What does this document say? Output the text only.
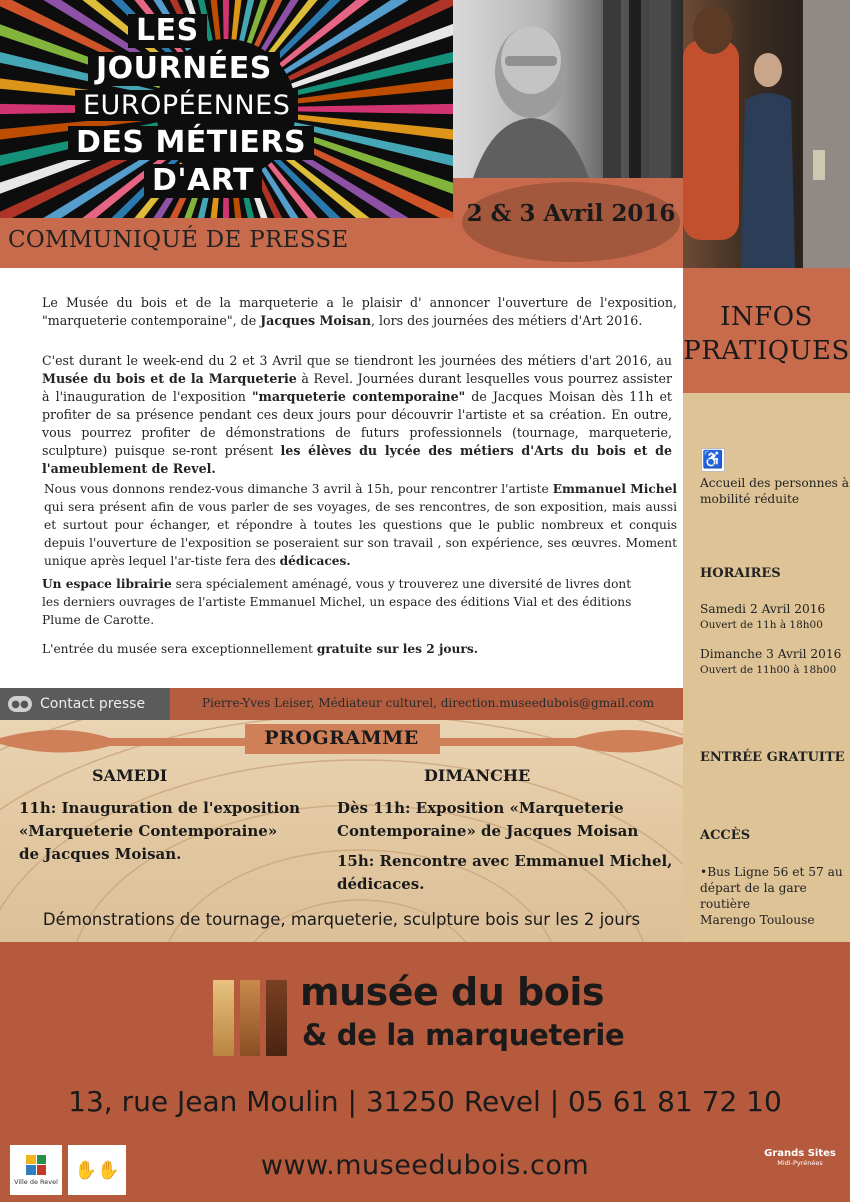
LES
JOURNÉES
EUROPÉENNES
DES MÉTIERS
D'ART
2 & 3 Avril 2016
COMMUNIQUÉ DE PRESSE
Le Musée du bois et de la marqueterie a le plaisir d' annoncer l'ouverture de l'exposition, "marqueterie contemporaine", de Jacques Moisan, lors des journées des métiers d'Art 2016.
C'est durant le week-end du 2 et 3 Avril que se tiendront les journées des métiers d'art 2016, au Musée du bois et de la Marqueterie à Revel. Journées durant lesquelles vous pourrez assister à l'inauguration de l'exposition "marqueterie contemporaine" de Jacques Moisan dès 11h et profiter de sa présence pendant ces deux jours pour découvrir l'artiste et sa création. En outre, vous pourrez profiter de démonstrations de futurs professionnels (tournage, marqueterie, sculpture) puisque se-ront présent les élèves du lycée des métiers d'Arts du bois et de l'ameublement de Revel.
Nous vous donnons rendez-vous dimanche 3 avril à 15h, pour rencontrer l'artiste Emmanuel Michel qui sera présent afin de vous parler de ses voyages, de ses rencontres, de son exposition, mais aussi et surtout pour échanger, et répondre à toutes les questions que le public nombreux et conquis depuis l'ouverture de l'exposition se poseraient sur son travail , son expérience, ses œuvres. Moment unique après lequel l'ar-tiste fera des dédicaces.
Un espace librairie sera spécialement aménagé, vous y trouverez une diversité de livres dont les derniers ouvrages de l'artiste Emmanuel Michel, un espace des éditions Vial et des éditions Plume de Carotte.
L'entrée du musée sera exceptionnellement gratuite sur les 2 jours.
INFOS
PRATIQUES
♿
Accueil des personnes à
mobilité réduite
HORAIRES
Samedi 2 Avril 2016
Ouvert de 11h à 18h00
Dimanche 3 Avril 2016
Ouvert de 11h00 à 18h00
ENTRÉE GRATUITE
ACCÈS
•Bus Ligne 56 et 57 au
départ de la gare routière
Marengo Toulouse
●● Contact presse	Pierre-Yves Leiser, Médiateur culturel, direction.museedubois@gmail.com
PROGRAMME
SAMEDI
11h: Inauguration de l'exposition
«Marqueterie Contemporaine»
de Jacques Moisan.
DIMANCHE
Dès 11h: Exposition «Marqueterie
Contemporaine» de Jacques Moisan
15h: Rencontre avec Emmanuel Michel,
dédicaces.
Démonstrations de tournage, marqueterie, sculpture bois sur les 2 jours
musée du bois
& de la marqueterie
13, rue Jean Moulin | 31250 Revel | 05 61 81 72 10
www.museedubois.com
Ville de Revel
✋✋
Grands Sites
Midi-Pyrénées
